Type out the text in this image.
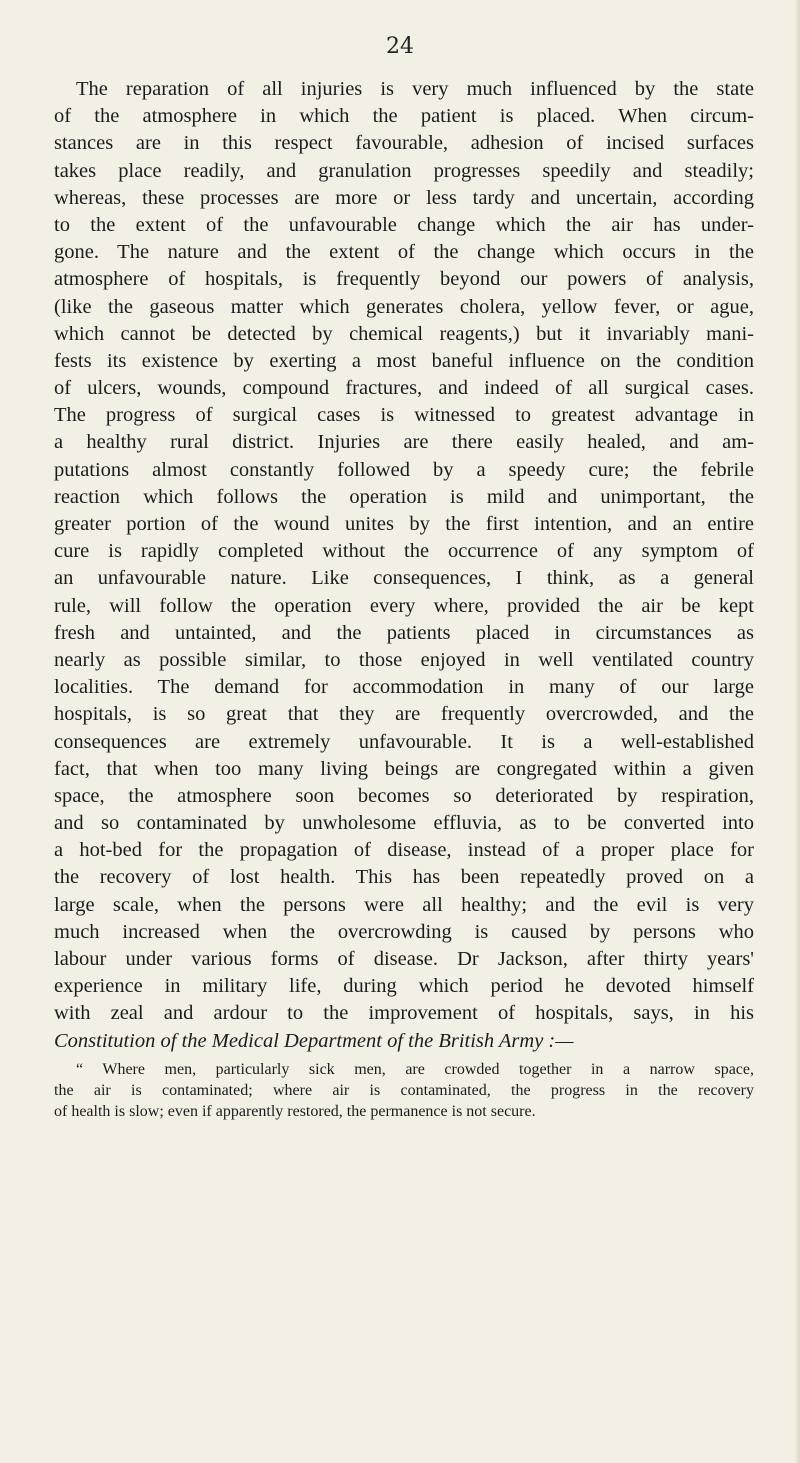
24
The reparation of all injuries is very much influenced by the state
of the atmosphere in which the patient is placed. When circum-
stances are in this respect favourable, adhesion of incised surfaces
takes place readily, and granulation progresses speedily and steadily;
whereas, these processes are more or less tardy and uncertain, according
to the extent of the unfavourable change which the air has under-
gone. The nature and the extent of the change which occurs in the
atmosphere of hospitals, is frequently beyond our powers of analysis,
(like the gaseous matter which generates cholera, yellow fever, or ague,
which cannot be detected by chemical reagents,) but it invariably mani-
fests its existence by exerting a most baneful influence on the condition
of ulcers, wounds, compound fractures, and indeed of all surgical cases.
The progress of surgical cases is witnessed to greatest advantage in
a healthy rural district. Injuries are there easily healed, and am-
putations almost constantly followed by a speedy cure; the febrile
reaction which follows the operation is mild and unimportant, the
greater portion of the wound unites by the first intention, and an entire
cure is rapidly completed without the occurrence of any symptom of
an unfavourable nature. Like consequences, I think, as a general
rule, will follow the operation every where, provided the air be kept
fresh and untainted, and the patients placed in circumstances as
nearly as possible similar, to those enjoyed in well ventilated country
localities. The demand for accommodation in many of our large
hospitals, is so great that they are frequently overcrowded, and the
consequences are extremely unfavourable. It is a well-established
fact, that when too many living beings are congregated within a given
space, the atmosphere soon becomes so deteriorated by respiration,
and so contaminated by unwholesome effluvia, as to be converted into
a hot-bed for the propagation of disease, instead of a proper place for
the recovery of lost health. This has been repeatedly proved on a
large scale, when the persons were all healthy; and the evil is very
much increased when the overcrowding is caused by persons who
labour under various forms of disease. Dr Jackson, after thirty years'
experience in military life, during which period he devoted himself
with zeal and ardour to the improvement of hospitals, says, in his
Constitution of the Medical Department of the British Army :—
“ Where men, particularly sick men, are crowded together in a narrow space,
the air is contaminated; where air is contaminated, the progress in the recovery
of health is slow; even if apparently restored, the permanence is not secure.
